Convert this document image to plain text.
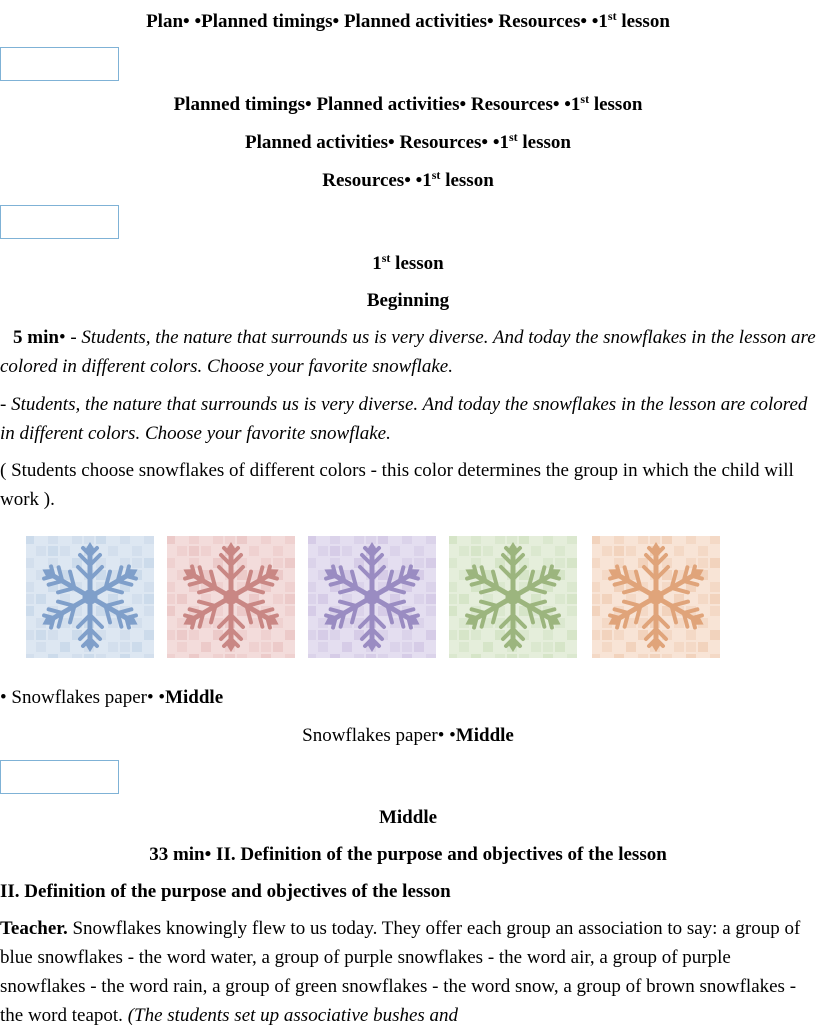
Plan• •Planned timings• Planned activities• Resources• •1st lesson
Planned timings• Planned activities• Resources• •1st lesson
Planned activities• Resources• •1st lesson
Resources• •1st lesson
1st lesson
Beginning
5 min• - Students, the nature that surrounds us is very diverse. And today the snowflakes in the lesson are colored in different colors. Choose your favorite snowflake.
- Students, the nature that surrounds us is very diverse. And today the snowflakes in the lesson are colored in different colors. Choose your favorite snowflake.
( Students choose snowflakes of different colors - this color determines the group in which the child will work ).
• Snowflakes paper• •Middle
Snowflakes paper• •Middle
Middle
33 min• II. Definition of the purpose and objectives of the lesson
II. Definition of the purpose and objectives of the lesson
Teacher. Snowflakes knowingly flew to us today. They offer each group an association to say: a group of blue snowflakes - the word water, a group of purple snowflakes - the word air, a group of purple snowflakes - the word rain, a group of green snowflakes - the word snow, a group of brown snowflakes - the word teapot. (The students set up associative bushes and
